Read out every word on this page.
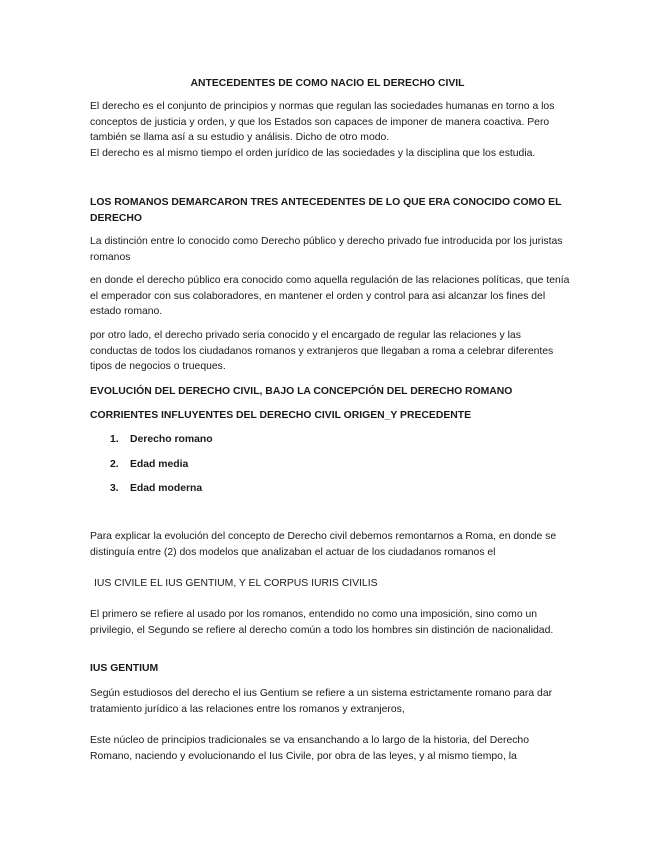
ANTECEDENTES DE COMO NACIO EL DERECHO CIVIL

El derecho es el conjunto de principios y normas que regulan las sociedades humanas en torno a los conceptos de justicia y orden, y que los Estados son capaces de imponer de manera coactiva. Pero también se llama así a su estudio y análisis. Dicho de otro modo.

El derecho es al mismo tiempo el orden jurídico de las sociedades y la disciplina que los estudia.

LOS ROMANOS DEMARCARON TRES ANTECEDENTES DE LO QUE ERA CONOCIDO COMO EL DERECHO

La distinción entre lo conocido como Derecho público y derecho privado fue introducida por los juristas romanos

en donde el derecho público era conocido como aquella regulación de las relaciones políticas, que tenía el emperador con sus colaboradores, en mantener el orden y control para asi alcanzar los fines del estado romano.

por otro lado, el derecho privado seria conocido y el encargado de regular las relaciones y las conductas de todos los ciudadanos romanos y extranjeros que llegaban a roma a celebrar diferentes tipos de negocios o trueques.

EVOLUCIÓN DEL DERECHO CIVIL, BAJO LA CONCEPCIÓN DEL DERECHO ROMANO

CORRIENTES INFLUYENTES DEL DERECHO CIVIL ORIGEN_Y PRECEDENTE

1. Derecho romano
2. Edad media
3. Edad moderna

Para explicar la evolución del concepto de Derecho civil debemos remontarnos a Roma, en donde se distinguía entre (2) dos modelos que analizaban el actuar de los ciudadanos romanos el

IUS CIVILE EL IUS GENTIUM, Y EL CORPUS IURIS CIVILIS

El primero se refiere al usado por los romanos, entendido no como una imposición, sino como un privilegio, el Segundo se refiere al derecho común a todo los hombres sin distinción de nacionalidad.

IUS GENTIUM

Según estudiosos del derecho el ius Gentium se refiere a un sistema estrictamente romano para dar tratamiento jurídico a las relaciones entre los romanos y extranjeros,

Este núcleo de principios tradicionales se va ensanchando a lo largo de la historia, del Derecho Romano, naciendo y evolucionando el Ius Civile, por obra de las leyes, y al mismo tiempo, la
